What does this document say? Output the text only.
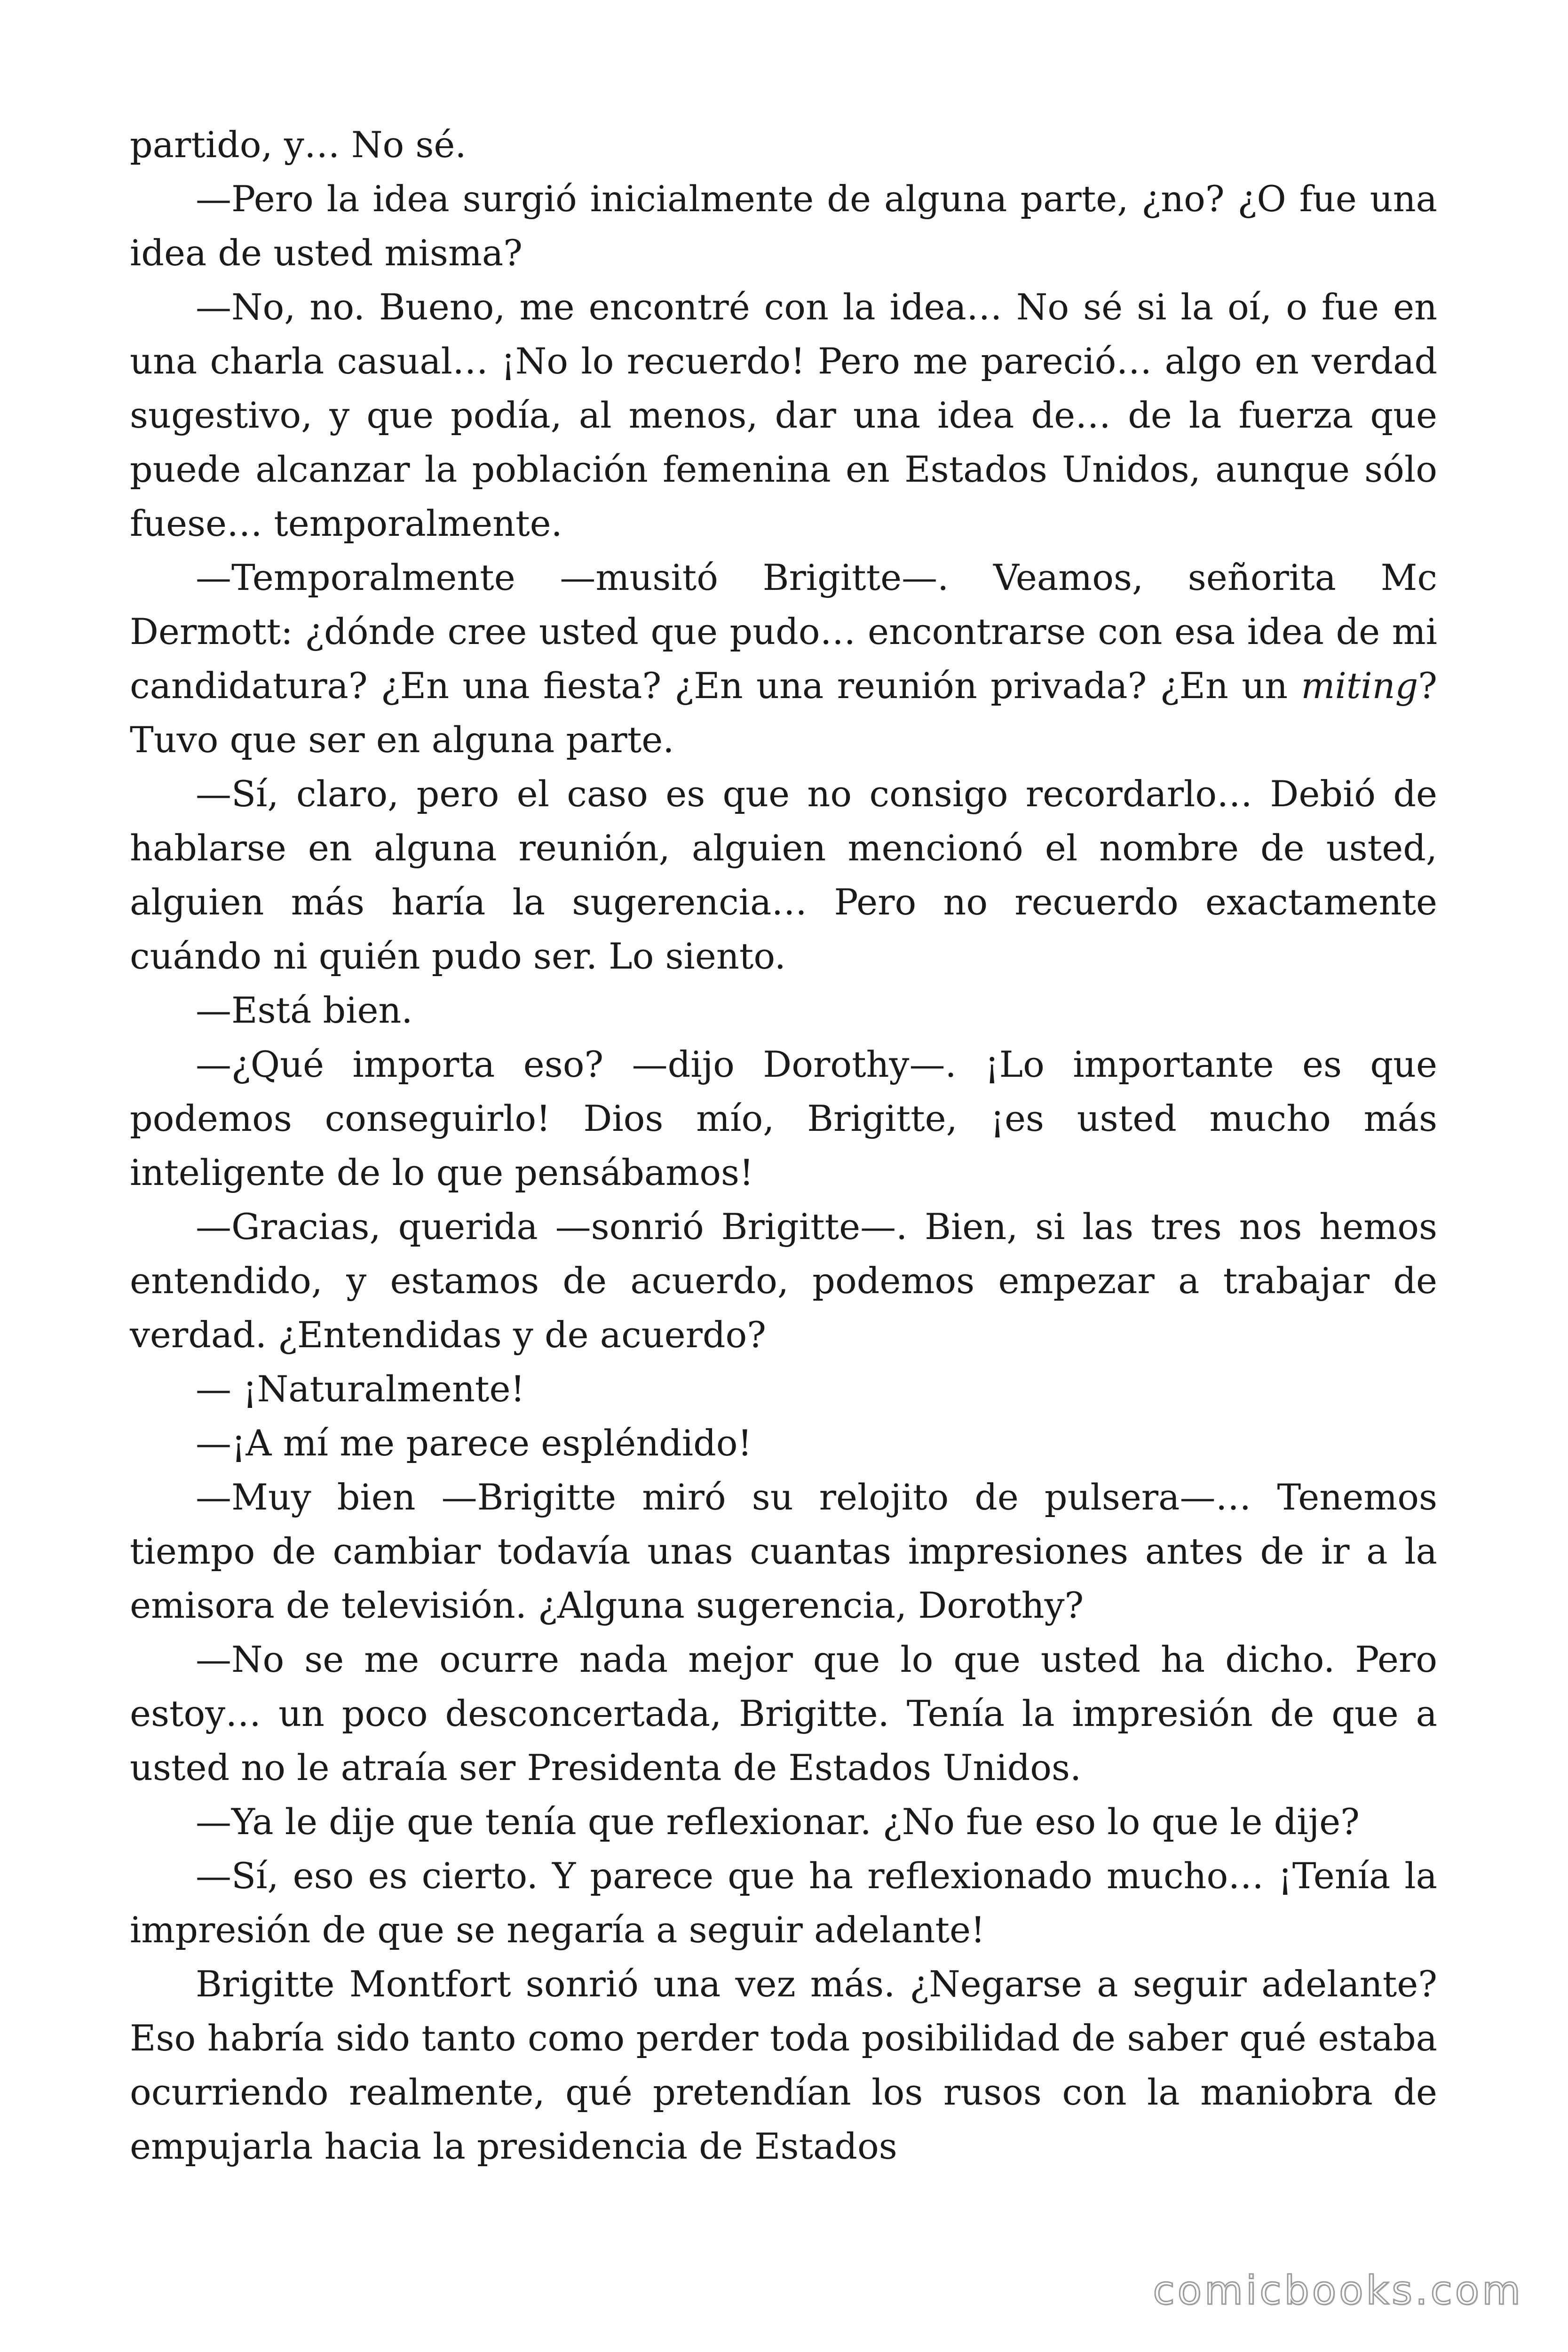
partido, y… No sé.

—Pero la idea surgió inicialmente de alguna parte, ¿no? ¿O fue una idea de usted misma?

—No, no. Bueno, me encontré con la idea… No sé si la oí, o fue en una charla casual… ¡No lo recuerdo! Pero me pareció… algo en verdad sugestivo, y que podía, al menos, dar una idea de… de la fuerza que puede alcanzar la población femenina en Estados Unidos, aunque sólo fuese… temporalmente.

—Temporalmente —musitó Brigitte—. Veamos, señorita Mc Dermott: ¿dónde cree usted que pudo… encontrarse con esa idea de mi candidatura? ¿En una fiesta? ¿En una reunión privada? ¿En un miting? Tuvo que ser en alguna parte.

—Sí, claro, pero el caso es que no consigo recordarlo… Debió de hablarse en alguna reunión, alguien mencionó el nombre de usted, alguien más haría la sugerencia… Pero no recuerdo exactamente cuándo ni quién pudo ser. Lo siento.

—Está bien.

—¿Qué importa eso? —dijo Dorothy—. ¡Lo importante es que podemos conseguirlo! Dios mío, Brigitte, ¡es usted mucho más inteligente de lo que pensábamos!

—Gracias, querida —sonrió Brigitte—. Bien, si las tres nos hemos entendido, y estamos de acuerdo, podemos empezar a trabajar de verdad. ¿Entendidas y de acuerdo?

— ¡Naturalmente!

—¡A mí me parece espléndido!

—Muy bien —Brigitte miró su relojito de pulsera—… Tenemos tiempo de cambiar todavía unas cuantas impresiones antes de ir a la emisora de televisión. ¿Alguna sugerencia, Dorothy?

—No se me ocurre nada mejor que lo que usted ha dicho. Pero estoy… un poco desconcertada, Brigitte. Tenía la impresión de que a usted no le atraía ser Presidenta de Estados Unidos.

—Ya le dije que tenía que reflexionar. ¿No fue eso lo que le dije?

—Sí, eso es cierto. Y parece que ha reflexionado mucho… ¡Tenía la impresión de que se negaría a seguir adelante!

Brigitte Montfort sonrió una vez más. ¿Negarse a seguir adelante? Eso habría sido tanto como perder toda posibilidad de saber qué estaba ocurriendo realmente, qué pretendían los rusos con la maniobra de empujarla hacia la presidencia de Estados

comicbooks.com
